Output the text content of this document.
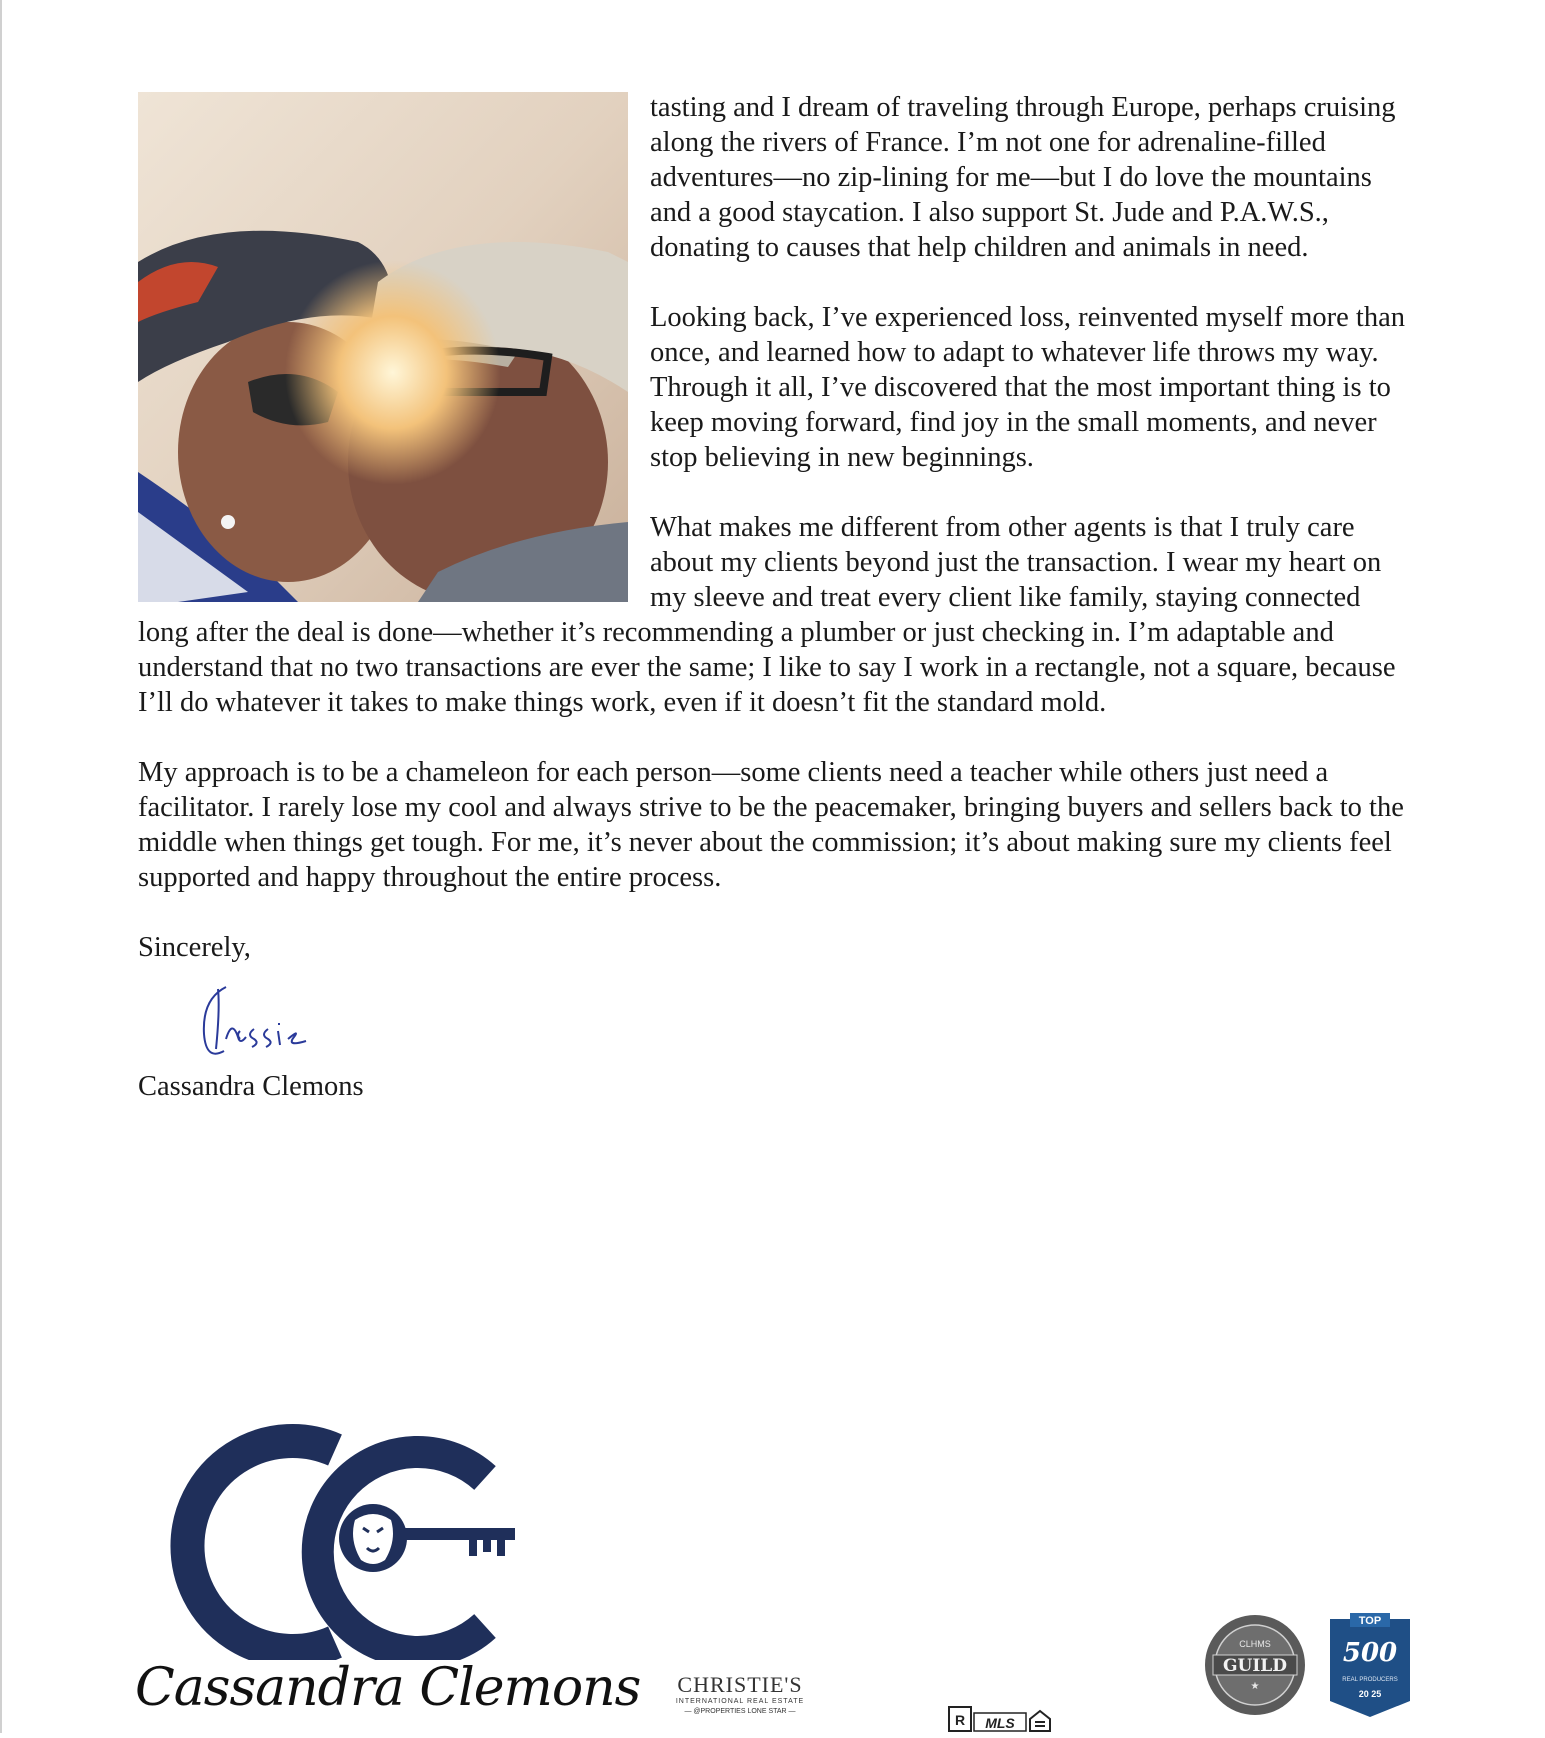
tasting and I dream of traveling through Europe, perhaps cruising along the rivers of France. I’m not one for adrenaline-filled adventures—no zip-lining for me—but I do love the mountains and a good staycation. I also support St. Jude and P.A.W.S., donating to causes that help children and animals in need.

Looking back, I’ve experienced loss, reinvented myself more than once, and learned how to adapt to whatever life throws my way. Through it all, I’ve discovered that the most important thing is to keep moving forward, find joy in the small moments, and never stop believing in new beginnings.

What makes me different from other agents is that I truly care about my clients beyond just the transaction. I wear my heart on my sleeve and treat every client like family, staying connected long after the deal is done—whether it’s recommending a plumber or just checking in. I’m adaptable and understand that no two transactions are ever the same; I like to say I work in a rectangle, not a square, because I’ll do whatever it takes to make things work, even if it doesn’t fit the standard mold.

My approach is to be a chameleon for each person—some clients need a teacher while others just need a facilitator. I rarely lose my cool and always strive to be the peacemaker, bringing buyers and sellers back to the middle when things get tough. For me, it’s never about the commission; it’s about making sure my clients feel supported and happy throughout the entire process.

Sincerely,
Cassandra Clemons
Cassandra Clemons	CHRISTIE'S
INTERNATIONAL REAL ESTATE
— @PROPERTIES LONE STAR —
R MLS
CLHMS
GUILD
★
TOP
500
REAL PRODUCERS
20 25
